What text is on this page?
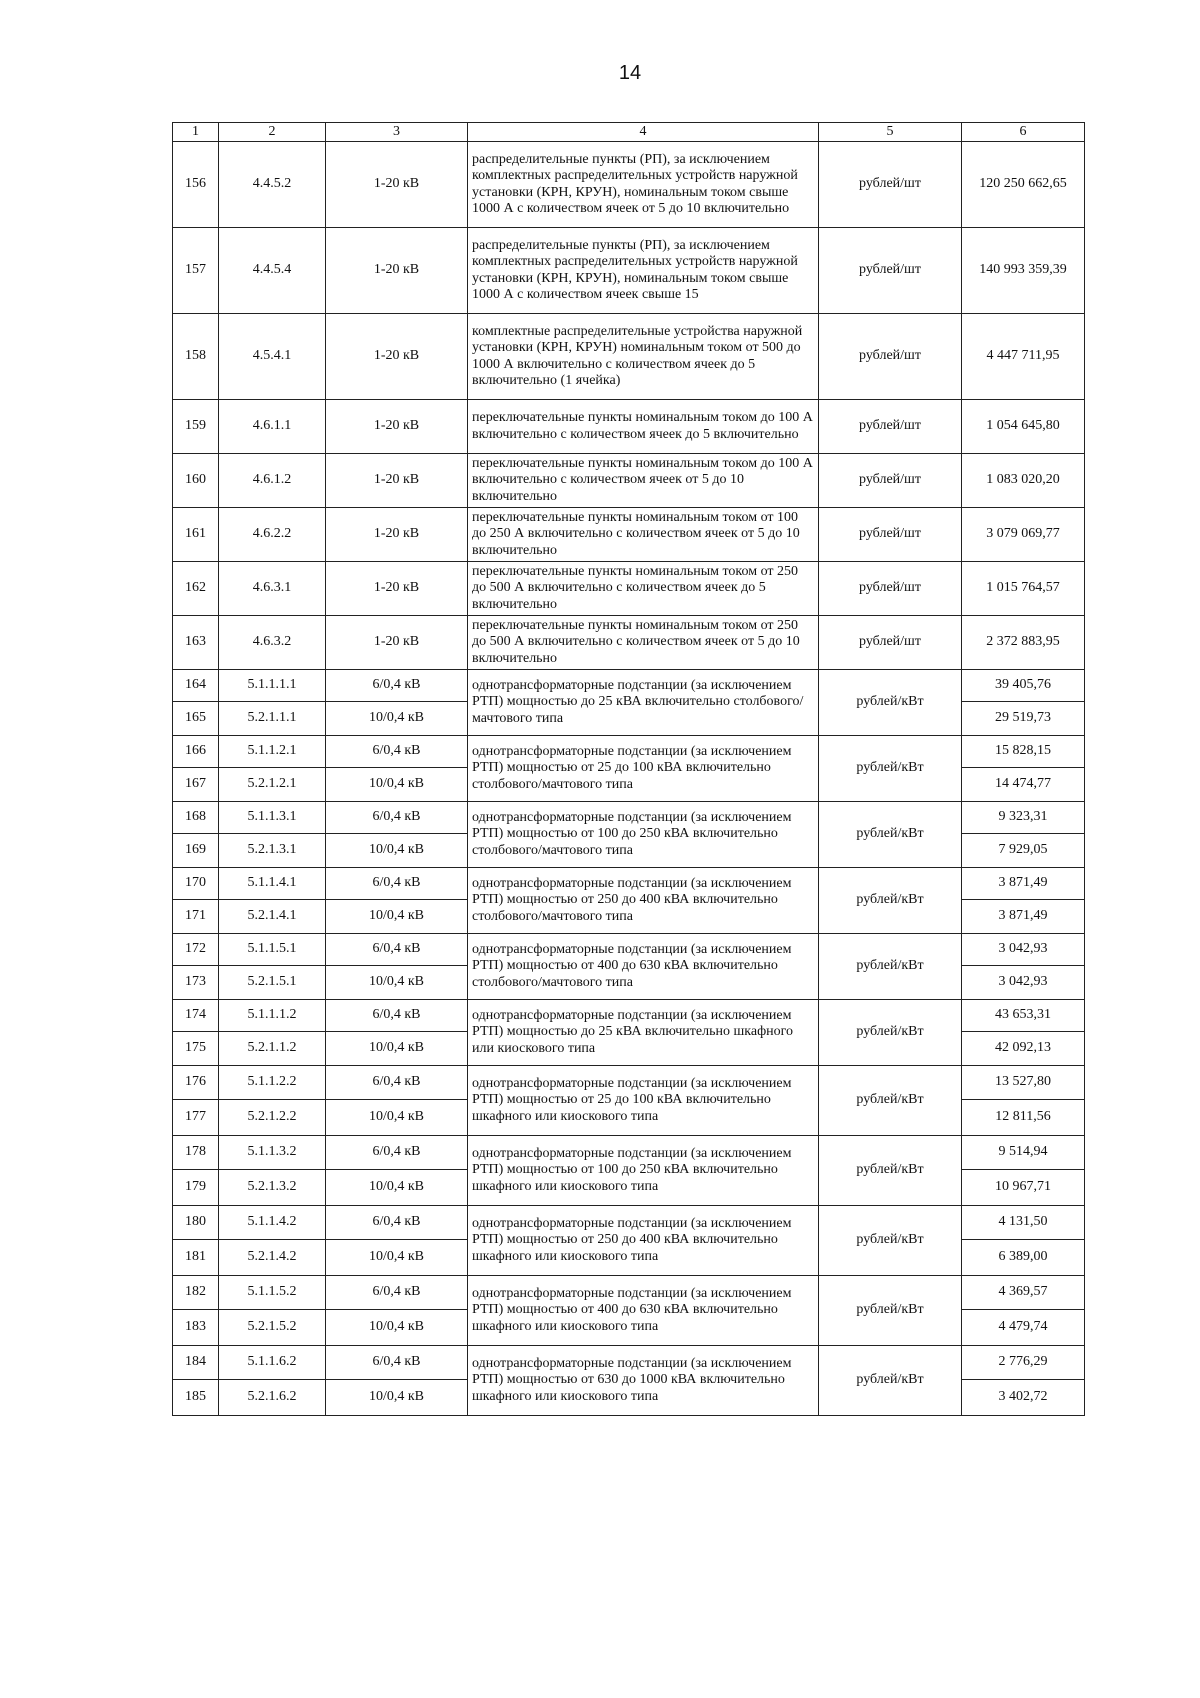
14
1	2	3	4	5	6
156	4.4.5.2	1-20 кВ	распределительные пункты (РП), за исключением комплектных распределительных устройств наружной установки (КРН, КРУН), номинальным током свыше 1000 А с количеством ячеек от 5 до 10 включительно	рублей/шт	120 250 662,65
157	4.4.5.4	1-20 кВ	распределительные пункты (РП), за исключением комплектных распределительных устройств наружной установки (КРН, КРУН), номинальным током свыше 1000 А с количеством ячеек свыше 15	рублей/шт	140 993 359,39
158	4.5.4.1	1-20 кВ	комплектные распределительные устройства наружной установки (КРН, КРУН) номинальным током от 500 до 1000 А включительно с количеством ячеек до 5 включительно (1 ячейка)	рублей/шт	4 447 711,95
159	4.6.1.1	1-20 кВ	переключательные пункты номинальным током до 100 А включительно с количеством ячеек до 5 включительно	рублей/шт	1 054 645,80
160	4.6.1.2	1-20 кВ	переключательные пункты номинальным током до 100 А включительно с количеством ячеек от 5 до 10 включительно	рублей/шт	1 083 020,20
161	4.6.2.2	1-20 кВ	переключательные пункты номинальным током от 100 до 250 А включительно с количеством ячеек от 5 до 10 включительно	рублей/шт	3 079 069,77
162	4.6.3.1	1-20 кВ	переключательные пункты номинальным током от 250 до 500 А включительно с количеством ячеек до 5 включительно	рублей/шт	1 015 764,57
163	4.6.3.2	1-20 кВ	переключательные пункты номинальным током от 250 до 500 А включительно с количеством ячеек от 5 до 10 включительно	рублей/шт	2 372 883,95
164	5.1.1.1.1	6/0,4 кВ	однотрансформаторные подстанции (за исключением РТП) мощностью до 25 кВА включительно столбового/мачтового типа	рублей/кВт	39 405,76
165	5.2.1.1.1	10/0,4 кВ			29 519,73
166	5.1.1.2.1	6/0,4 кВ	однотрансформаторные подстанции (за исключением РТП) мощностью от 25 до 100 кВА включительно столбового/мачтового типа	рублей/кВт	15 828,15
167	5.2.1.2.1	10/0,4 кВ			14 474,77
168	5.1.1.3.1	6/0,4 кВ	однотрансформаторные подстанции (за исключением РТП) мощностью от 100 до 250 кВА включительно столбового/мачтового типа	рублей/кВт	9 323,31
169	5.2.1.3.1	10/0,4 кВ			7 929,05
170	5.1.1.4.1	6/0,4 кВ	однотрансформаторные подстанции (за исключением РТП) мощностью от 250 до 400 кВА включительно столбового/мачтового типа	рублей/кВт	3 871,49
171	5.2.1.4.1	10/0,4 кВ			3 871,49
172	5.1.1.5.1	6/0,4 кВ	однотрансформаторные подстанции (за исключением РТП) мощностью от 400 до 630 кВА включительно столбового/мачтового типа	рублей/кВт	3 042,93
173	5.2.1.5.1	10/0,4 кВ			3 042,93
174	5.1.1.1.2	6/0,4 кВ	однотрансформаторные подстанции (за исключением РТП) мощностью до 25 кВА включительно шкафного или киоскового типа	рублей/кВт	43 653,31
175	5.2.1.1.2	10/0,4 кВ			42 092,13
176	5.1.1.2.2	6/0,4 кВ	однотрансформаторные подстанции (за исключением РТП) мощностью от 25 до 100 кВА включительно шкафного или киоскового типа	рублей/кВт	13 527,80
177	5.2.1.2.2	10/0,4 кВ			12 811,56
178	5.1.1.3.2	6/0,4 кВ	однотрансформаторные подстанции (за исключением РТП) мощностью от 100 до 250 кВА включительно шкафного или киоскового типа	рублей/кВт	9 514,94
179	5.2.1.3.2	10/0,4 кВ			10 967,71
180	5.1.1.4.2	6/0,4 кВ	однотрансформаторные подстанции (за исключением РТП) мощностью от 250 до 400 кВА включительно шкафного или киоскового типа	рублей/кВт	4 131,50
181	5.2.1.4.2	10/0,4 кВ			6 389,00
182	5.1.1.5.2	6/0,4 кВ	однотрансформаторные подстанции (за исключением РТП) мощностью от 400 до 630 кВА включительно шкафного или киоскового типа	рублей/кВт	4 369,57
183	5.2.1.5.2	10/0,4 кВ			4 479,74
184	5.1.1.6.2	6/0,4 кВ	однотрансформаторные подстанции (за исключением РТП) мощностью от 630 до 1000 кВА включительно шкафного или киоскового типа	рублей/кВт	2 776,29
185	5.2.1.6.2	10/0,4 кВ			3 402,72
